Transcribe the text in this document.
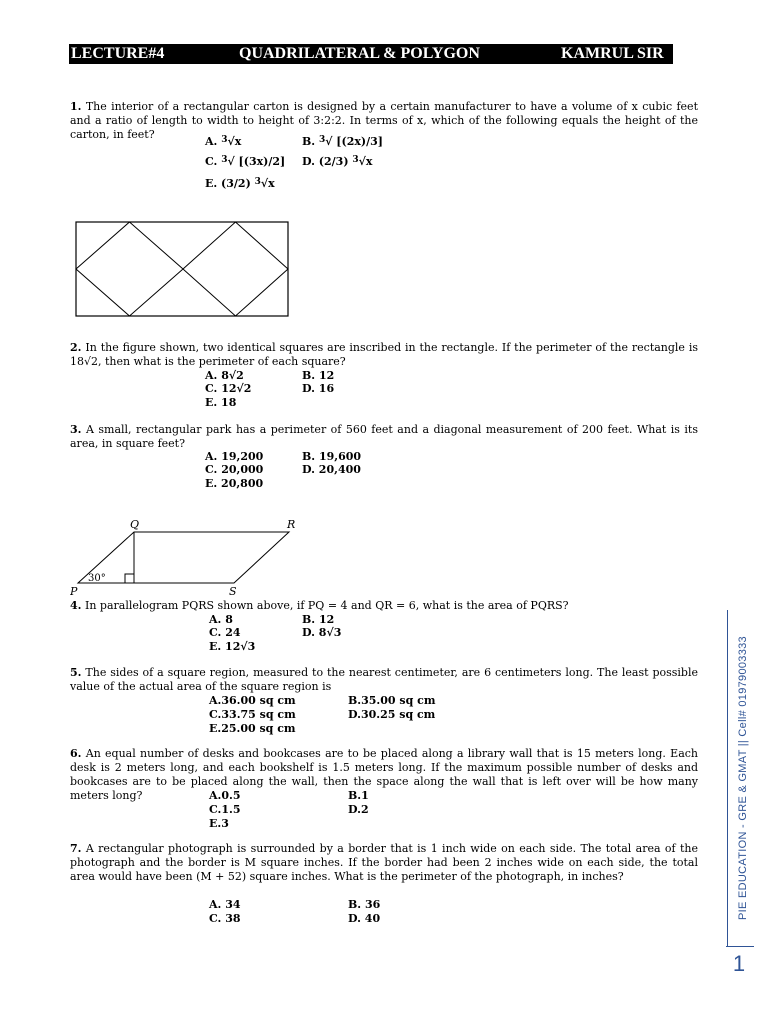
LECTURE#4	QUADRILATERAL & POLYGON	KAMRUL SIR
1. The interior of a rectangular carton is designed by a certain manufacturer to have a volume of x cubic feet and a ratio of length to width to height of 3:2:2. In terms of x, which of the following equals the height of the carton, in feet?
A. $^3$√x	B. $^3$√ [(2x)/3]
C. $^3$√ [(3x)/2] D. (2/3) $^3$√x
E. (3/2) $^3$√x
2. In the figure shown, two identical squares are inscribed in the rectangle. If the perimeter of the rectangle is 18√2, then what is the perimeter of each square?
A. 8√2	B. 12
C. 12√2	D. 16
E. 18
3. A small, rectangular park has a perimeter of 560 feet and a diagonal measurement of 200 feet. What is its area, in square feet?
A. 19,200	B. 19,600
C. 20,000	D. 20,400
E. 20,800
P
Q	R
S
30°
4. In parallelogram PQRS shown above, if PQ = 4 and QR = 6, what is the area of PQRS?
A. 8	B. 12
C. 24	D. 8√3
E. 12√3
5. The sides of a square region, measured to the nearest centimeter, are 6 centimeters long. The least possible value of the actual area of the square region is
A.36.00 sq cm	B.35.00 sq cm
C.33.75 sq cm	D.30.25 sq cm
E.25.00 sq cm
6. An equal number of desks and bookcases are to be placed along a library wall that is 15 meters long. Each desk is 2 meters long, and each bookshelf is 1.5 meters long. If the maximum possible number of desks and bookcases are to be placed along the wall, then the space along the wall that is left over will be how many meters long?	A.0.5	B.1
C.1.5	D.2
E.3
7. A rectangular photograph is surrounded by a border that is 1 inch wide on each side. The total area of the photograph and the border is M square inches. If the border had been 2 inches wide on each side, the total area would have been (M + 52) square inches. What is the perimeter of the photograph, in inches?
A. 34	B. 36
C. 38	D. 40	PIE EDUCATION - GRE & GMAT || Cell# 01979003333
1
